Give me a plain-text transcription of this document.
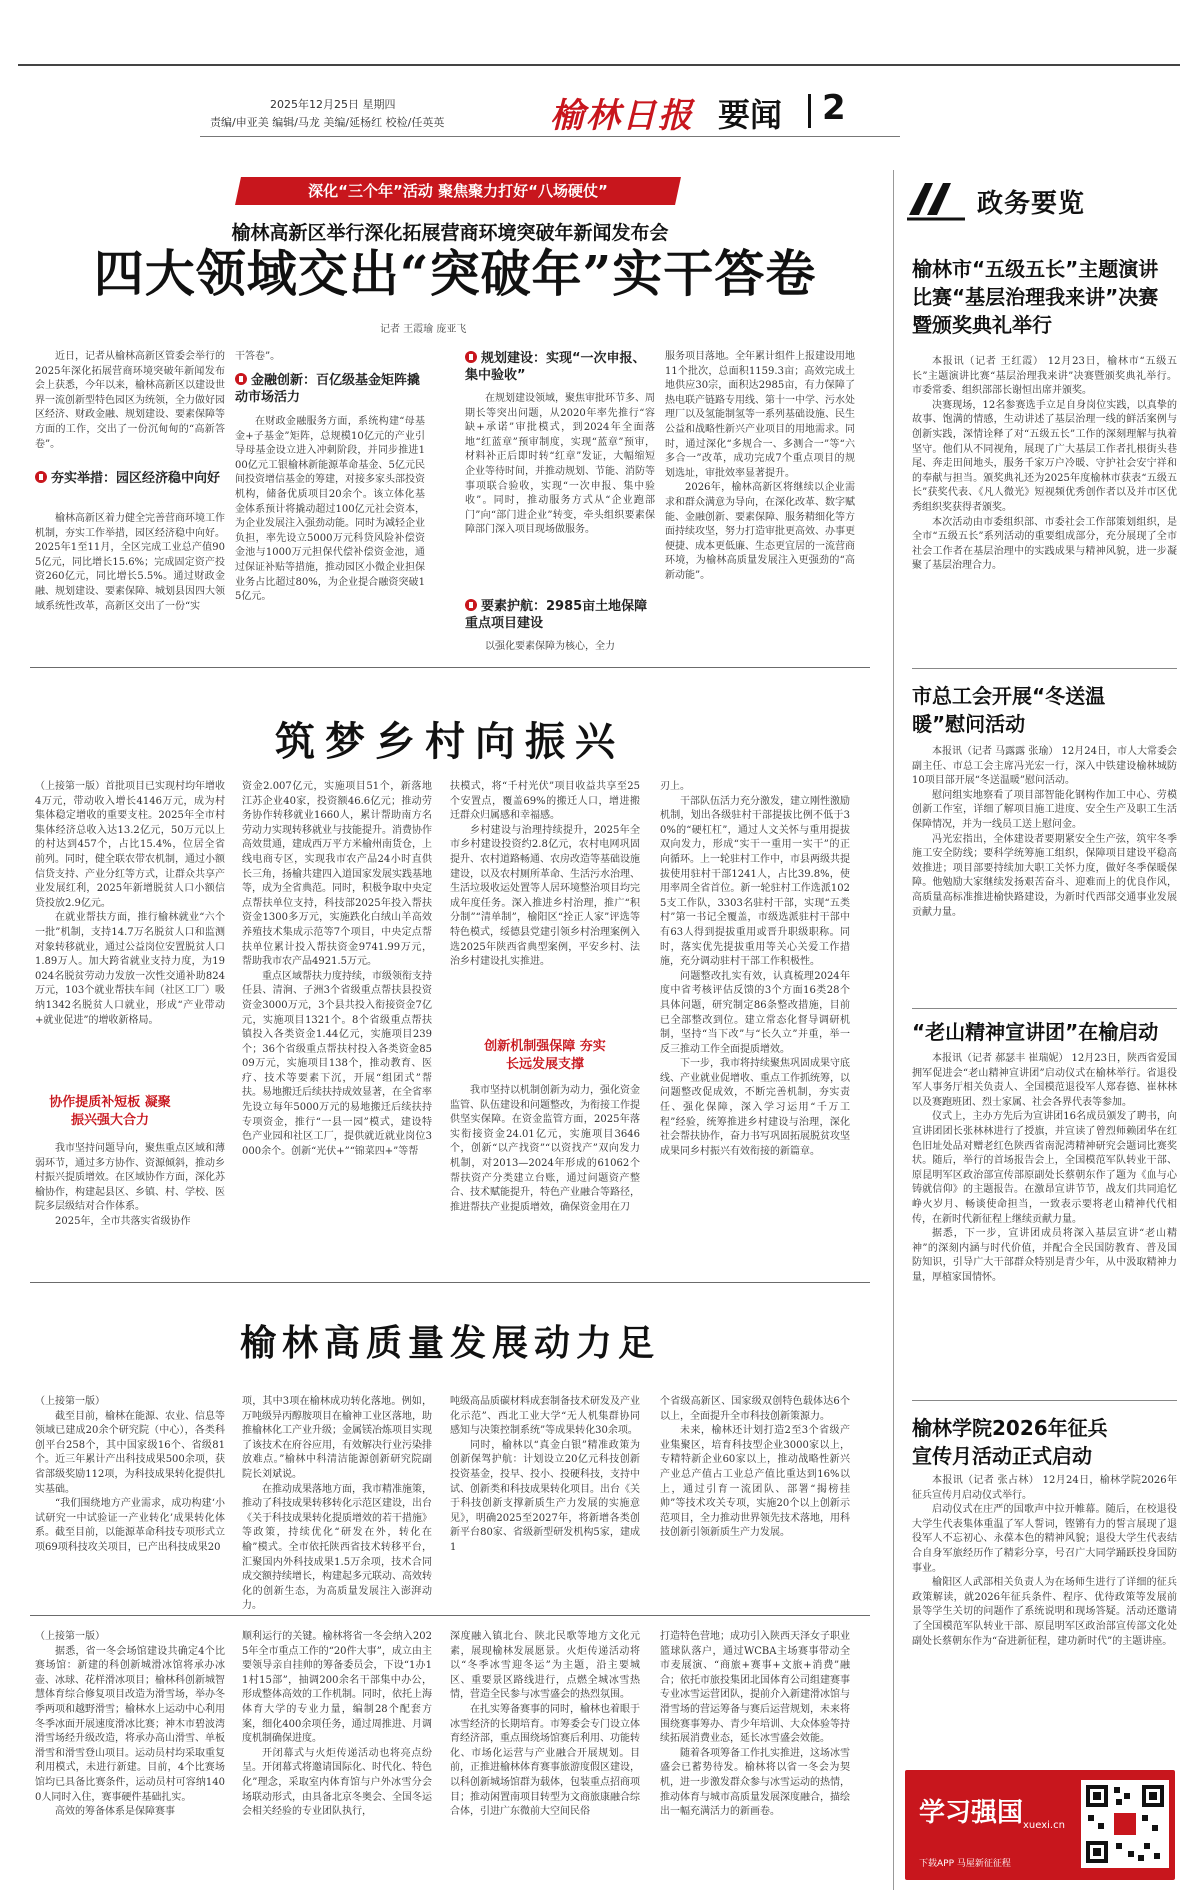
2025年12月25日 星期四
责编/申亚美 编辑/马龙 美编/延杨红 校检/任英英	榆林日报 要闻 2
深化“三个年”活动 聚焦聚力打好“八场硬仗”
榆林高新区举行深化拓展营商环境突破年新闻发布会
四大领域交出“突破年”实干答卷
记者 王霞瑜 庞亚飞
近日，记者从榆林高新区管委会举行的2025年深化拓展营商环境突破年新闻发布会上获悉，今年以来，榆林高新区以建设世界一流创新型特色园区为统领，全力做好园区经济、财政金融、规划建设、要素保障等方面的工作，交出了一份沉甸甸的“高新答卷”。
夯实举措：园区经济稳中向好
榆林高新区着力健全完善营商环境工作机制，夯实工作举措，园区经济稳中向好。2025年1至11月，全区完成工业总产值905亿元，同比增长15.6%；完成固定资产投资260亿元，同比增长5.5%。通过财政金融、规划建设、要素保障、城划县因四大领域系统性改革，高新区交出了一份“实
干答卷”。
金融创新：百亿级基金矩阵撬动市场活力
在财政金融服务方面，系统构建“母基金+子基金”矩阵，总规模10亿元的产业引导母基金设立进入冲刺阶段，并同步推进100亿元工银榆林新能源革命基金、5亿元民间投资增信基金的筹建，对接多家头部投资机构，储备优质项目20余个。该立体化基金体系预计将撬动超过100亿元社会资本，为企业发展注入强劲动能。同时为减轻企业负担，率先设立5000万元科贷风险补偿资金池与1000万元担保代偿补偿资金池，通过保证补贴等措施，推动园区小微企业担保业务占比超过80%，为企业提合融资突破15亿元。
规划建设：实现“一次申报、集中验收”
在规划建设领域，聚焦审批环节多、周期长等突出问题，从2020年率先推行“容缺+承诺”审批模式，到2024年全面落地“红蓝章”预审制度，实现“蓝章”预审，材料补正后即时转“红章”发证，大幅缩短企业等待时间，并推动规划、节能、消防等事项联合验收，实现“一次申报、集中验收”。同时，推动服务方式从“企业跑部门”向“部门进企业”转变，牵头组织要素保障部门深入项目现场做服务。
要素护航：2985亩土地保障重点项目建设
以强化要素保障为核心，全力
服务项目落地。全年累计组件上报建设用地11个批次，总面积1159.3亩；高效完成土地供应30宗，面积达2985亩，有力保障了热电联产链路专用线、第十一中学、污水处理厂以及氢能制氢等一系列基础设施、民生公益和战略性新兴产业项目的用地需求。同时，通过深化“多规合一、多测合一”等“六多合一”改革，成功完成7个重点项目的规划选址，审批效率显著提升。
2026年，榆林高新区将继续以企业需求和群众满意为导向，在深化改革、数字赋能、金融创新、要素保障、服务精细化等方面持续攻坚，努力打造审批更高效、办事更便捷、成本更低廉、生态更宜居的一流营商环境，为榆林高质量发展注入更强劲的“高新动能”。
筑梦乡村向振兴
（上接第一版）首批项目已实现村均年增收4万元，带动收入增长4146万元，成为村集体稳定增收的重要支柱。2025年全市村集体经济总收入达13.2亿元，50万元以上的村达到457个，占比15.4%，位居全省前列。同时，健全联农带农机制，通过小额信贷支持、产业分红等方式，让群众共享产业发展红利，2025年新增脱贫人口小额信贷投放2.9亿元。
在就业帮扶方面，推行榆林就业“六个一批”机制，支持14.7万名脱贫人口和监测对象转移就业，通过公益岗位安置脱贫人口1.89万人。加大跨省就业支持力度，为19024名脱贫劳动力发放一次性交通补助824万元，103个就业帮扶车间（社区工厂）吸纳1342名脱贫人口就业，形成“产业带动+就业促进”的增收新格局。
协作提质补短板 凝聚振兴强大合力
我市坚持问题导向，聚焦重点区域和薄弱环节，通过多方协作、资源倾斜，推动乡村振兴提质增效。在区域协作方面，深化苏榆协作，构建起县区、乡镇、村、学校、医院多层级结对合作体系。
2025年，全市共落实省级协作
资金2.007亿元，实施项目51个，新落地江苏企业40家，投资额46.6亿元；推动劳务协作转移就业1660人，累计帮助南方名劳动力实现转移就业与技能提升。消费协作高效贯通，建成西万平方米榆州南货仓，上线电商专区，实现我市农产品24小时直供长三角，扬榆共建四入道国家发展实践基地等，成为全省典范。同时，积极争取中央定点帮扶单位支持，科技部2025年投入帮扶资金1300多万元，实施跌化白绒山羊高效养殖技术集成示范等7个项目，中央定点帮扶单位累计投入帮扶资金9741.99万元，帮助我市农产品4921.5万元。
重点区域帮扶力度持续，市级领衔支持任县、清涧、子洲3个省级重点帮扶县投资资金3000万元，3个县共投入衔接资金7亿元，实施项目1321个。8个省级重点帮扶镇投入各类资金1.44亿元，实施项目239个；36个省级重点帮扶村投入各类资金8509万元，实施项目138个，推动教育、医疗、技术等要素下沉，开展“组团式”帮扶。易地搬迁后续扶持成效显著，在全省率先设立每年5000万元的易地搬迁后续扶持专项资金，推行“一县一园”模式，建设特色产业园和社区工厂，提供就近就业岗位3000余个。创新“光伏+”“锦菜四+”等帮
扶模式，将“千村光伏”项目收益共享至25个安置点，覆盖69%的搬迁人口，增进搬迁群众归属感和幸福感。
乡村建设与治理持续提升，2025年全市乡村建设投资约2.8亿元，农村电网巩固提升、农村道路畅通、农房改造等基础设施建设，以及农村厕所革命、生活污水治理、生活垃圾收运处置等人居环境整治项目均完成年度任务。深入推进乡村治理，推广“积分制”“清单制”，榆阳区“拴正人家”评选等特色模式，绥德县党建引领乡村治理案例入选2025年陕西省典型案例，平安乡村、法治乡村建设扎实推进。
创新机制强保障 夯实长远发展支撑
我市坚持以机制创新为动力，强化资金监管、队伍建设和问题整改，为衔接工作提供坚实保障。在资金监管方面，2025年落实衔接资金24.01亿元，实施项目3646个，创新“以产找资”“以资找产”双向发力机制，对2013—2024年形成的61062个帮扶资产分类建立台账，通过问题资产整合、技术赋能提升，特色产业融合等路径，推进帮扶产业提质增效，确保资金用在刀
刃上。
干部队伍活力充分激发，建立刚性激励机制，划出各级驻村干部提拔比例不低于30%的“硬杠杠”，通过人文关怀与重用提拔双向发力，形成“实干一重用一实干”的正向循环。上一轮驻村工作中，市县两级共提拔使用驻村干部1241人，占比39.8%，使用率周全省首位。新一轮驻村工作选派1025支工作队，3303名驻村干部，实现“五类村”第一书记全覆盖，市级选派驻村干部中有63人得到提拔重用或晋升职级职称。同时，落实优先提拔重用等关心关爱工作措施，充分调动驻村干部工作积极性。
问题整改扎实有效，认真梳理2024年度中省考核评估反馈的3个方面16类28个具体问题，研究制定86条整改措施，目前已全部整改到位。建立常态化督导调研机制，坚持“当下改”与“长久立”并重，举一反三推动工作全面提质增效。
下一步，我市将持续聚焦巩固成果守底线、产业就业促增收、重点工作抓统筹，以问题整改促成效，不断完善机制，夯实责任、强化保障，深入学习运用“千万工程”经验，统筹推进乡村建设与治理，深化社会帮扶协作，奋力书写巩固拓展脱贫攻坚成果同乡村振兴有效衔接的新篇章。
榆林高质量发展动力足
（上接第一版）
截至目前，榆林在能源、农业、信息等领域已建成20余个研究院（中心），各类科创平台258个，其中国家级16个、省级81个。近三年累计产出科技成果500余项，获省部级奖励112项，为科技成果转化提供扎实基础。
“我们围绕地方产业需求，成功构建‘小试研究一中试验证一产业转化’成果转化体系。截至目前，以能源革命科技专项形式立项69项科技攻关项目，已产出科技成果20
项，其中3项在榆林成功转化落地。例如，万吨级异丙醇胺项目在榆神工业区落地，助推榆林化工产业升级；金属镁冶炼项目实现了该技术在府谷应用，有效解决行业污染排放难点。”榆林中科清洁能源创新研究院副院长刘斌说。
在推动成果落地方面，我市精准施策，推动了科技成果转移转化示范区建设，出台《关于科技成果转化提质增效的若干措施》等政策，持续优化“研发在外，转化在榆”模式。全市依托陕西省技术转移平台，汇聚国内外科技成果1.5万余项，技术合同成交额持续增长，构建起多元联动、高效转化的创新生态，为高质量发展注入澎湃动力。
吨级高品质碳材料成套制备技术研发及产业化示范”、西北工业大学“无人机集群协同感知与决策控制系统”等成果转化30余项。
同时，榆林以“真金白银”精准政策为创新保驾护航：计划设立20亿元科技创新投资基金，投早、投小、投硬科技，支持中试、创新类和科技成果转化项目。出台《关于科技创新支撑新质生产力发展的实施意见》，明确2025至2027年，将新增各类创新平台80家、省级新型研发机构5家，建成1
个省级高新区、国家级双创特色载体达6个以上，全面提升全市科技创新策源力。
未来，榆林还计划打造2至3个省级产业集聚区，培育科技型企业3000家以上，专精特新企业60家以上，推动战略性新兴产业总产值占工业总产值比重达到16%以上，通过引育一流团队、部署“揭榜挂帅”等技术攻关专项，实施20个以上创新示范项目，全力推动世界领先技术落地，用科技创新引领新质生产力发展。
（上接第一版）
据悉，省一冬会场馆建设共确定4个比赛场馆：新建的科创新城滑冰馆将承办冰壶、冰球、花样滑冰项目；榆林科创新城智慧体育综合修复项目改造为滑雪场，举办冬季两项和越野滑雪；榆林水上运动中心利用冬季冰面开展速度滑冰比赛；神木市碧波湾滑雪场经升级改造，将承办高山滑雪、单板滑雪和滑雪登山项目。运动员村均采取重复利用模式，未进行新建。目前，4个比赛场馆均已具备比赛条件，运动员村可容纳1400人同时入住，赛事硬件基础扎实。
高效的筹备体系是保障赛事
顺利运行的关键。榆林将省一冬会纳入2025年全市重点工作的“20件大事”，成立由主要领导亲自挂帅的筹备委员会，下设“1办11村15部”，抽调200余名干部集中办公，形成整体高效的工作机制。同时，依托上海体育大学的专业力量，编制28个配套方案，细化400余项任务，通过周推进、月调度机制确保进度。
开闭幕式与火炬传递活动也将亮点纷呈。开闭幕式将邀请国际化、时代化、特色化”理念，采取室内体育馆与户外冰雪分会场联动形式，由具备北京冬奥会、全国冬运会相关经验的专业团队执行，
深度融入镇北台、陕北民歌等地方文化元素，展现榆林发展愿景。火炬传递活动将以“冬季冰雪迎冬运”为主题，沿主要城区、重要景区路线进行，点燃全城冰雪热情，营造全民参与冰雪盛会的热烈氛围。
在扎实筹备赛事的同时，榆林也着眼于冰雪经济的长期培育。市筹委会专门设立体育经济部，重点围绕场馆赛后利用、功能转化、市场化运营与产业融合开展规划。目前，正推进榆林体育赛事旅游度假区建设，以科创新城场馆群为载体，包装重点招商项目；推动闲置南项目转型为文商旅康融合综合体，引进广东微前大空间民俗
打造特色营地；成功引入陕西天泽女子职业篮球队落户，通过WCBA主场赛事带动全市麦展演、“商旅+赛事+文旅+消费”融合；依托市旅投集团北国体育公司组建赛事专业冰雪运营团队，提前介入新建滑冰馆与滑雪场的营运筹备与赛后运营规划，未来将围绕赛事筹办、青少年培训、大众体验等持续拓展消费业态，延长冰雪盛会效能。
随着各项筹备工作扎实推进，这场冰雪盛会已蓄势待发。榆林将以省一冬会为契机，进一步激发群众参与冰雪运动的热情，推动体育与城市高质量发展深度融合，描绘出一幅充满活力的新画卷。
政务要览
榆林市“五级五长”主题演讲比赛“基层治理我来讲”决赛暨颁奖典礼举行
本报讯（记者 王红霞） 12月23日，榆林市“五级五长”主题演讲比赛“基层治理我来讲”决赛暨颁奖典礼举行。市委常委、组织部部长谢恒出席并颁奖。
决赛现场，12名参赛选手立足自身岗位实践，以真挚的故事、饱满的情感，生动讲述了基层治理一线的鲜活案例与创新实践，深情诠释了对“五级五长”工作的深刻理解与执着坚守。他们从不同视角，展现了广大基层工作者扎根街头巷尾、奔走田间地头，服务千家万户冷暖、守护社会安宁祥和的奉献与担当。颁奖典礼还为2025年度榆林市获表“五级五长”获奖代表、《凡人微光》短视频优秀创作者以及并市区优秀组织奖获得者颁奖。
本次活动由市委组织部、市委社会工作部策划组织，是全市“五级五长”系列活动的重要组成部分，充分展现了全市社会工作者在基层治理中的实践成果与精神风貌，进一步凝聚了基层治理合力。
市总工会开展“冬送温暖”慰问活动
本报讯（记者 马露露 张瑜） 12月24日，市人大常委会副主任、市总工会主席冯光宏一行，深入中铁建设榆林城防10项目部开展“冬送温暖”慰问活动。
慰问组实地察看了项目部智能化钢构作加工中心、劳模创新工作室，详细了解项目施工进度、安全生产及职工生活保障情况，并为一线员工送上慰问金。
冯光宏指出，全体建设者要期紧安全生产弦，筑牢冬季施工安全防线；要科学统筹施工组织，保障项目建设平稳高效推进；项目部要持续加大职工关怀力度，做好冬季保暖保障。他勉励大家继续发扬艰苦奋斗、迎难而上的优良作风，高质量高标准推进榆快路建设，为新时代西部交通事业发展贡献力量。
“老山精神宣讲团”在榆启动
本报讯（记者 郝瑟丰 崔瑞妮） 12月23日，陕西省爱国拥军促进会“老山精神宣讲团”启动仪式在榆林举行。省退役军人事务厅相关负责人、全国模范退役军人郑春德、崔林林以及赛跑班团、烈士家属、社会各界代表等参加。
仪式上，主办方先后为宣讲团16名成员颁发了聘书，向宣讲团团长张林林进行了授旗，并宣读了曾烈师赖团华在红色旧址处品对赠老红色陕西省南泥湾精神研究会题词比赛奖状。随后，举行的首场报告会上，全国模范军队转业干部、原昆明军区政治部宣传部原副处长蔡朝东作了题为《血与心铸就信仰》的主题报告。在激昂宣讲节节，战友们共同追忆峥火岁月、畅谈使命担当，一致表示要将老山精神代代相传，在新时代新征程上继续贡献力量。
据悉，下一步，宣讲团成员将深入基层宣讲“老山精神”的深刻内涵与时代价值，并配合全民国防教育、普及国防知识，引导广大干部群众特别是青少年，从中汲取精神力量，厚植家国情怀。
榆林学院2026年征兵宣传月活动正式启动
本报讯（记者 张占林） 12月24日，榆林学院2026年征兵宣传月启动仪式举行。
启动仪式在庄严的国歌声中拉开帷幕。随后，在校退役大学生代表集体重温了军人誓词，铿锵有力的誓言展现了退役军人不忘初心、永葆本色的精神风貌；退役大学生代表结合自身军旅经历作了精彩分享，号召广大同学踊跃投身国防事业。
榆阳区人武部相关负责人为在场师生进行了详细的征兵政策解读，就2026年征兵条件、程序、优待政策等发展前景等学生关切的问题作了系统说明和现场答疑。活动还邀请了全国模范军队转业干部、原昆明军区政治部宣传部文化处副处长蔡朝东作为“奋进新征程，建功新时代”的主题讲座。
学习强国 xuexi.cn
下载APP 马屋新征征程
